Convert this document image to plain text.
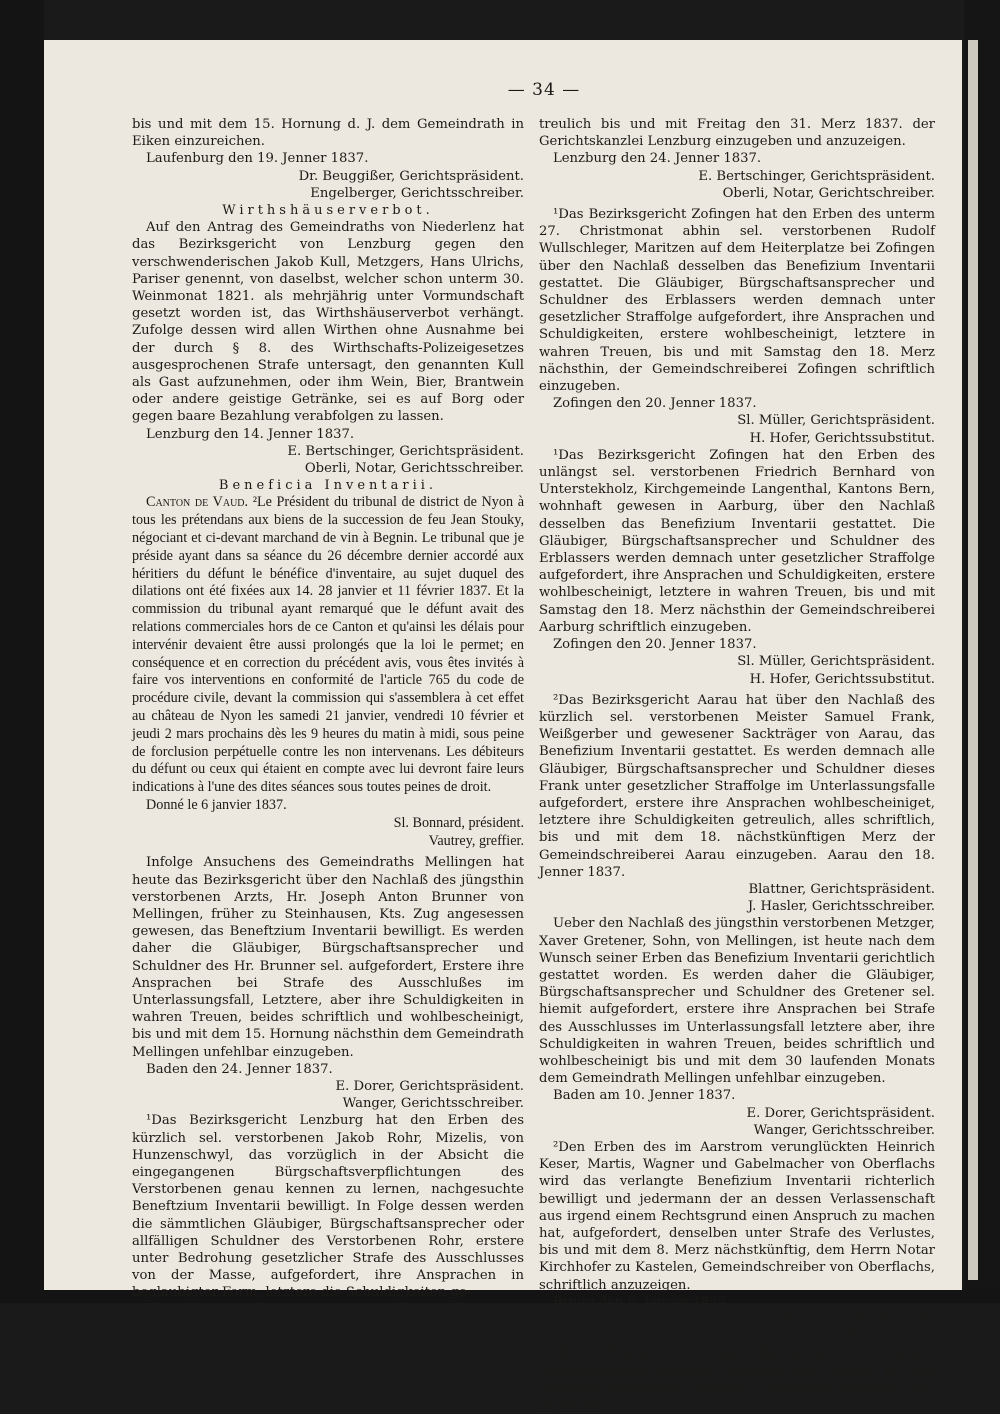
— 34 —

bis und mit dem 15. Hornung d. J. dem Gemeindrath in Eiken einzureichen.

Laufenburg den 19. Jenner 1837.

Dr. Beuggißer, Gerichtspräsident.

Engelberger, Gerichtsschreiber.

Wirthshäuserverbot.

Auf den Antrag des Gemeindraths von Niederlenz hat das Bezirksgericht von Lenzburg gegen den verschwenderischen Jakob Kull, Metzgers, Hans Ulrichs, Pariser genennt, von daselbst, welcher schon unterm 30. Weinmonat 1821. als mehrjährig unter Vormundschaft gesetzt worden ist, das Wirthshäuserverbot verhängt. Zufolge dessen wird allen Wirthen ohne Ausnahme bei der durch § 8. des Wirthschafts-Polizeigesetzes ausgesprochenen Strafe untersagt, den genannten Kull als Gast aufzunehmen, oder ihm Wein, Bier, Brantwein oder andere geistige Getränke, sei es auf Borg oder gegen baare Bezahlung verabfolgen zu lassen.

Lenzburg den 14. Jenner 1837.

E. Bertschinger, Gerichtspräsident.

Oberli, Notar, Gerichtsschreiber.

Beneficia Inventarii.

Canton de Vaud. ²Le Président du tribunal de district de Nyon à tous les prétendans aux biens de la succession de feu Jean Stouky, négociant et ci-devant marchand de vin à Begnin. Le tribunal que je préside ayant dans sa séance du 26 décembre dernier accordé aux héritiers du défunt le bénéfice d'inventaire, au sujet duquel des dilations ont été fixées aux 14. 28 janvier et 11 février 1837. Et la commission du tribunal ayant remarqué que le défunt avait des relations commerciales hors de ce Canton et qu'ainsi les délais pour intervénir devaient être aussi prolongés que la loi le permet; en conséquence et en correction du précédent avis, vous êtes invités à faire vos interventions en conformité de l'article 765 du code de procédure civile, devant la commission qui s'assemblera à cet effet au château de Nyon les samedi 21 janvier, vendredi 10 février et jeudi 2 mars prochains dès les 9 heures du matin à midi, sous peine de forclusion perpétuelle contre les non intervenans. Les débiteurs du défunt ou ceux qui étaient en compte avec lui devront faire leurs indications à l'une des dites séances sous toutes peines de droit.

Donné le 6 janvier 1837.

Sl. Bonnard, président.

Vautrey, greffier.

Infolge Ansuchens des Gemeindraths Mellingen hat heute das Bezirksgericht über den Nachlaß des jüngsthin verstorbenen Arzts, Hr. Joseph Anton Brunner von Mellingen, früher zu Steinhausen, Kts. Zug angesessen gewesen, das Beneftzium Inventarii bewilligt. Es werden daher die Gläubiger, Bürgschaftsansprecher und Schuldner des Hr. Brunner sel. aufgefordert, Erstere ihre Ansprachen bei Strafe des Ausschlußes im Unterlassungsfall, Letztere, aber ihre Schuldigkeiten in wahren Treuen, beides schriftlich und wohlbescheinigt, bis und mit dem 15. Hornung nächsthin dem Gemeindrath Mellingen unfehlbar einzugeben.

Baden den 24. Jenner 1837.

E. Dorer, Gerichtspräsident.

Wanger, Gerichtsschreiber.

¹Das Bezirksgericht Lenzburg hat den Erben des kürzlich sel. verstorbenen Jakob Rohr, Mizelis, von Hunzenschwyl, das vorzüglich in der Absicht die eingegangenen Bürgschaftsverpflichtungen des Verstorbenen genau kennen zu lernen, nachgesuchte Beneftzium Inventarii bewilligt. In Folge dessen werden die sämmtlichen Gläubiger, Bürgschaftsansprecher oder allfälligen Schuldner des Verstorbenen Rohr, erstere unter Bedrohung gesetzlicher Strafe des Ausschlusses von der Masse, aufgefordert, ihre Ansprachen in beglaubigter Form, letztere die Schuldigkeiten ge-

treulich bis und mit Freitag den 31. Merz 1837. der Gerichtskanzlei Lenzburg einzugeben und anzuzeigen.

Lenzburg den 24. Jenner 1837.

E. Bertschinger, Gerichtspräsident.

Oberli, Notar, Gerichtschreiber.

¹Das Bezirksgericht Zofingen hat den Erben des unterm 27. Christmonat abhin sel. verstorbenen Rudolf Wullschleger, Maritzen auf dem Heiterplatze bei Zofingen über den Nachlaß desselben das Benefizium Inventarii gestattet. Die Gläubiger, Bürgschaftsansprecher und Schuldner des Erblassers werden demnach unter gesetzlicher Straffolge aufgefordert, ihre Ansprachen und Schuldigkeiten, erstere wohlbescheinigt, letztere in wahren Treuen, bis und mit Samstag den 18. Merz nächsthin, der Gemeindschreiberei Zofingen schriftlich einzugeben.

Zofingen den 20. Jenner 1837.

Sl. Müller, Gerichtspräsident.

H. Hofer, Gerichtssubstitut.

¹Das Bezirksgericht Zofingen hat den Erben des unlängst sel. verstorbenen Friedrich Bernhard von Unterstekholz, Kirchgemeinde Langenthal, Kantons Bern, wohnhaft gewesen in Aarburg, über den Nachlaß desselben das Benefizium Inventarii gestattet. Die Gläubiger, Bürgschaftsansprecher und Schuldner des Erblassers werden demnach unter gesetzlicher Straffolge aufgefordert, ihre Ansprachen und Schuldigkeiten, erstere wohlbescheinigt, letztere in wahren Treuen, bis und mit Samstag den 18. Merz nächsthin der Gemeindschreiberei Aarburg schriftlich einzugeben.

Zofingen den 20. Jenner 1837.

Sl. Müller, Gerichtspräsident.

H. Hofer, Gerichtssubstitut.

²Das Bezirksgericht Aarau hat über den Nachlaß des kürzlich sel. verstorbenen Meister Samuel Frank, Weißgerber und gewesener Sackträger von Aarau, das Benefizium Inventarii gestattet. Es werden demnach alle Gläubiger, Bürgschaftsansprecher und Schuldner dieses Frank unter gesetzlicher Straffolge im Unterlassungsfalle aufgefordert, erstere ihre Ansprachen wohlbescheiniget, letztere ihre Schuldigkeiten getreulich, alles schriftlich, bis und mit dem 18. nächstkünftigen Merz der Gemeindschreiberei Aarau einzugeben. Aarau den 18. Jenner 1837.

Blattner, Gerichtspräsident.

J. Hasler, Gerichtsschreiber.

Ueber den Nachlaß des jüngsthin verstorbenen Metzger, Xaver Gretener, Sohn, von Mellingen, ist heute nach dem Wunsch seiner Erben das Benefizium Inventarii gerichtlich gestattet worden. Es werden daher die Gläubiger, Bürgschaftsansprecher und Schuldner des Gretener sel. hiemit aufgefordert, erstere ihre Ansprachen bei Strafe des Ausschlusses im Unterlassungsfall letztere aber, ihre Schuldigkeiten in wahren Treuen, beides schriftlich und wohlbescheinigt bis und mit dem 30 laufenden Monats dem Gemeindrath Mellingen unfehlbar einzugeben.

Baden am 10. Jenner 1837.

E. Dorer, Gerichtspräsident.

Wanger, Gerichtsschreiber.

²Den Erben des im Aarstrom verunglückten Heinrich Keser, Martis, Wagner und Gabelmacher von Oberflachs wird das verlangte Benefizium Inventarii richterlich bewilligt und jedermann der an dessen Verlassenschaft aus irgend einem Rechtsgrund einen Anspruch zu machen hat, aufgefordert, denselben unter Strafe des Verlustes, bis und mit dem 8. Merz nächstkünftig, dem Herrn Notar Kirchhofer zu Kastelen, Gemeindschreiber von Oberflachs, schriftlich anzuzeigen.

Brugg den 6. Jenner 1837.

Keller, Gerichtspräsident.

Amsler, Gerichtsschreiber.

²Den Erben des auf Habsburg verstorbenen Schloßwächters Emanuel Hummel von Scherz ist das verlangte Benefizium Inventarii richterlich bewilligt. Wer an dessen
